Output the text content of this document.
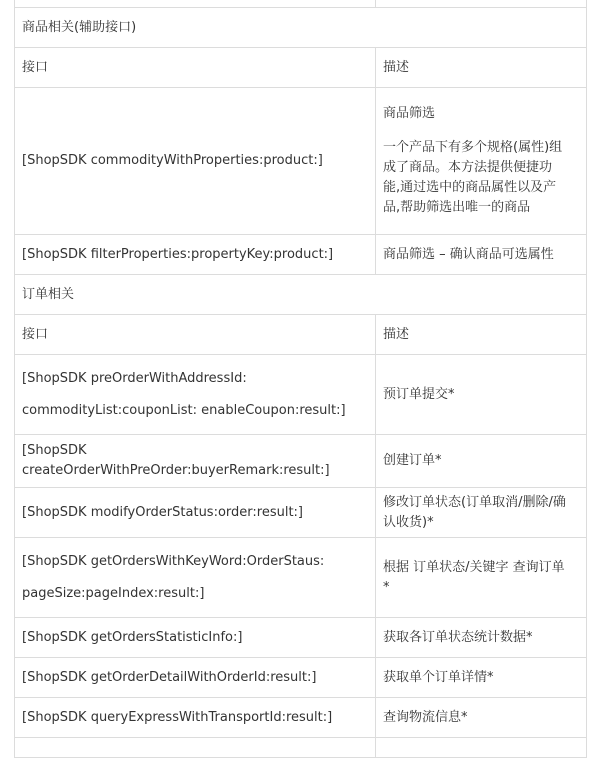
商品相关(辅助接口)	
接口	描述

[ShopSDK commodityWithProperties:product:]	商品筛选
一个产品下有多个规格(属性)组
成了商品。本方法提供便捷功
能,通过选中的商品属性以及产
品,帮助筛选出唯一的商品

[ShopSDK filterProperties:propertyKey:product:]	商品筛选 – 确认商品可选属性

订单相关	
接口	描述

[ShopSDK preOrderWithAddressId:
commodityList:couponList: enableCoupon:result:]	预订单提交*

[ShopSDK
createOrderWithPreOrder:buyerRemark:result:]	创建订单*

[ShopSDK modifyOrderStatus:order:result:]	修改订单状态(订单取消/删除/确
认收货)*

[ShopSDK getOrdersWithKeyWord:OrderStaus:
pageSize:pageIndex:result:]	根据 订单状态/关键字 查询订单
*

[ShopSDK getOrdersStatisticInfo:]	获取各订单状态统计数据*

[ShopSDK getOrderDetailWithOrderId:result:]	获取单个订单详情*

[ShopSDK queryExpressWithTransportId:result:]	查询物流信息*
